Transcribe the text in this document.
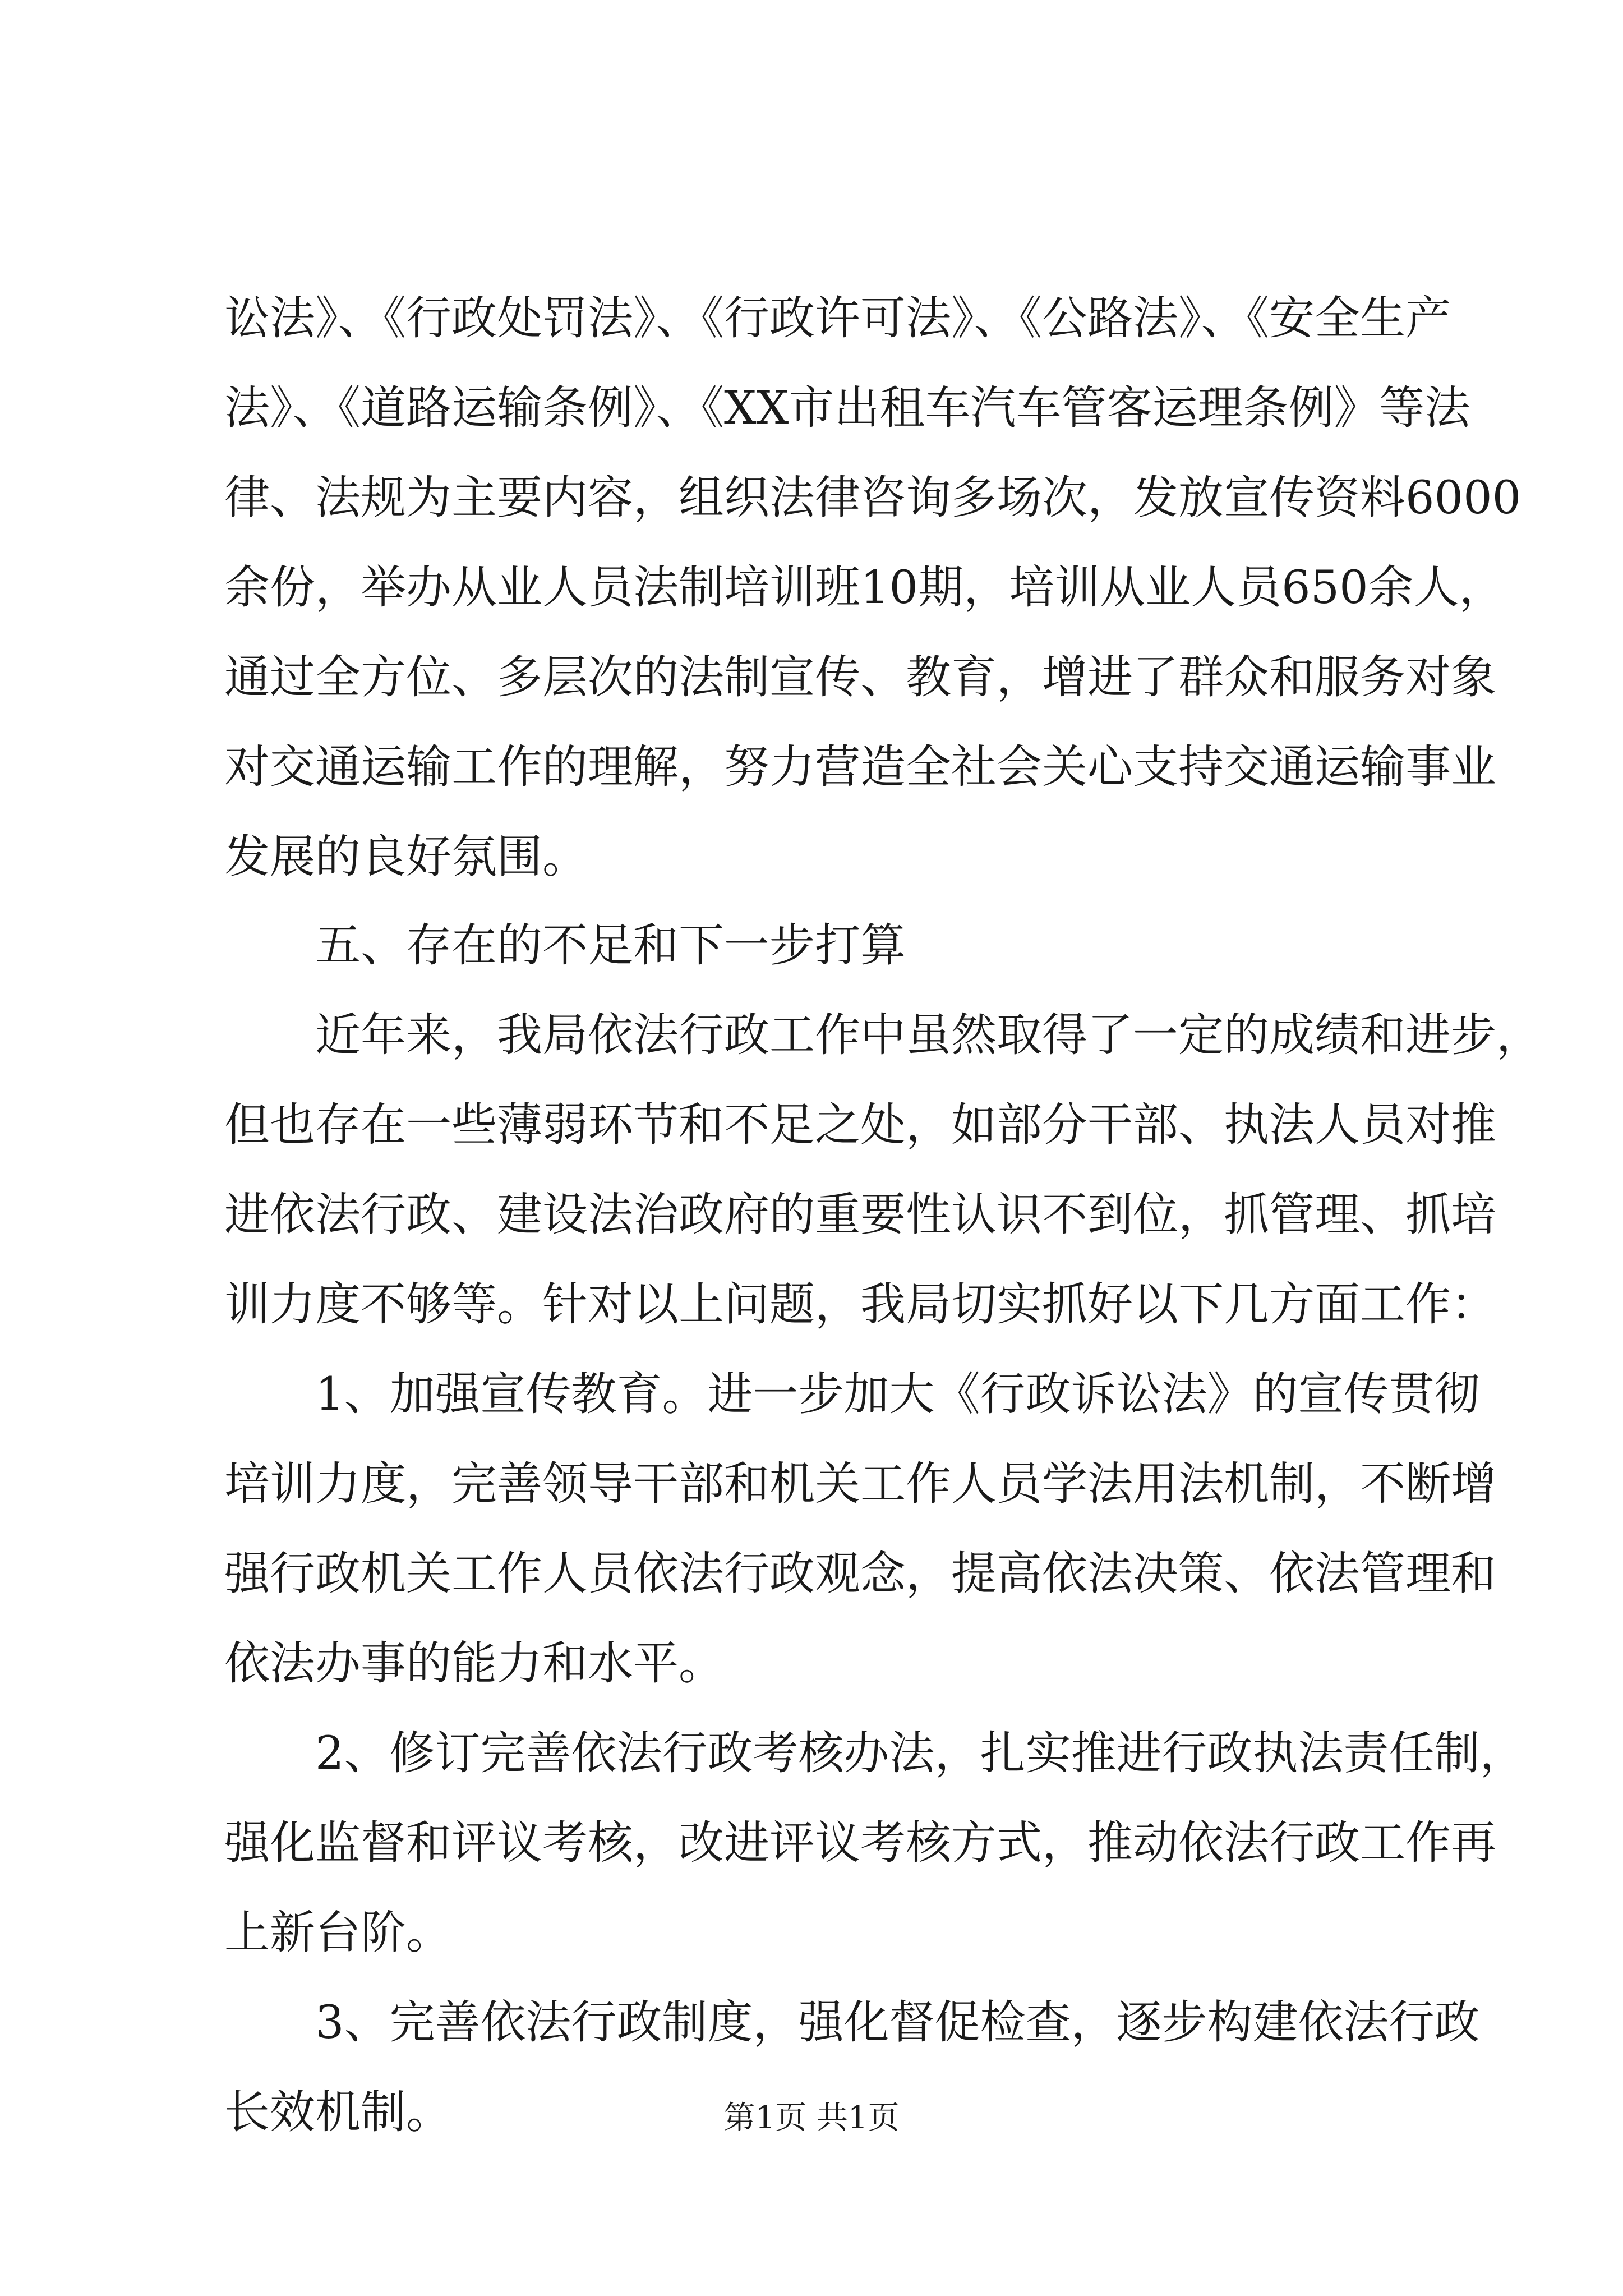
讼法》、《行政处罚法》、《行政许可法》、《公路法》、《安全生产
法》、《道路运输条例》、《XX市出租车汽车管客运理条例》等法
律、法规为主要内容，组织法律咨询多场次，发放宣传资料6000
余份，举办从业人员法制培训班10期，培训从业人员650余人，
通过全方位、多层次的法制宣传、教育，增进了群众和服务对象
对交通运输工作的理解，努力营造全社会关心支持交通运输事业
发展的良好氛围。
五、存在的不足和下一步打算
近年来，我局依法行政工作中虽然取得了一定的成绩和进步，
但也存在一些薄弱环节和不足之处，如部分干部、执法人员对推
进依法行政、建设法治政府的重要性认识不到位，抓管理、抓培
训力度不够等。针对以上问题，我局切实抓好以下几方面工作：
1、加强宣传教育。进一步加大《行政诉讼法》的宣传贯彻
培训力度，完善领导干部和机关工作人员学法用法机制，不断增
强行政机关工作人员依法行政观念，提高依法决策、依法管理和
依法办事的能力和水平。
2、修订完善依法行政考核办法，扎实推进行政执法责任制，
强化监督和评议考核，改进评议考核方式，推动依法行政工作再
上新台阶。
3、完善依法行政制度，强化督促检查，逐步构建依法行政
长效机制。	第1页 共1页
